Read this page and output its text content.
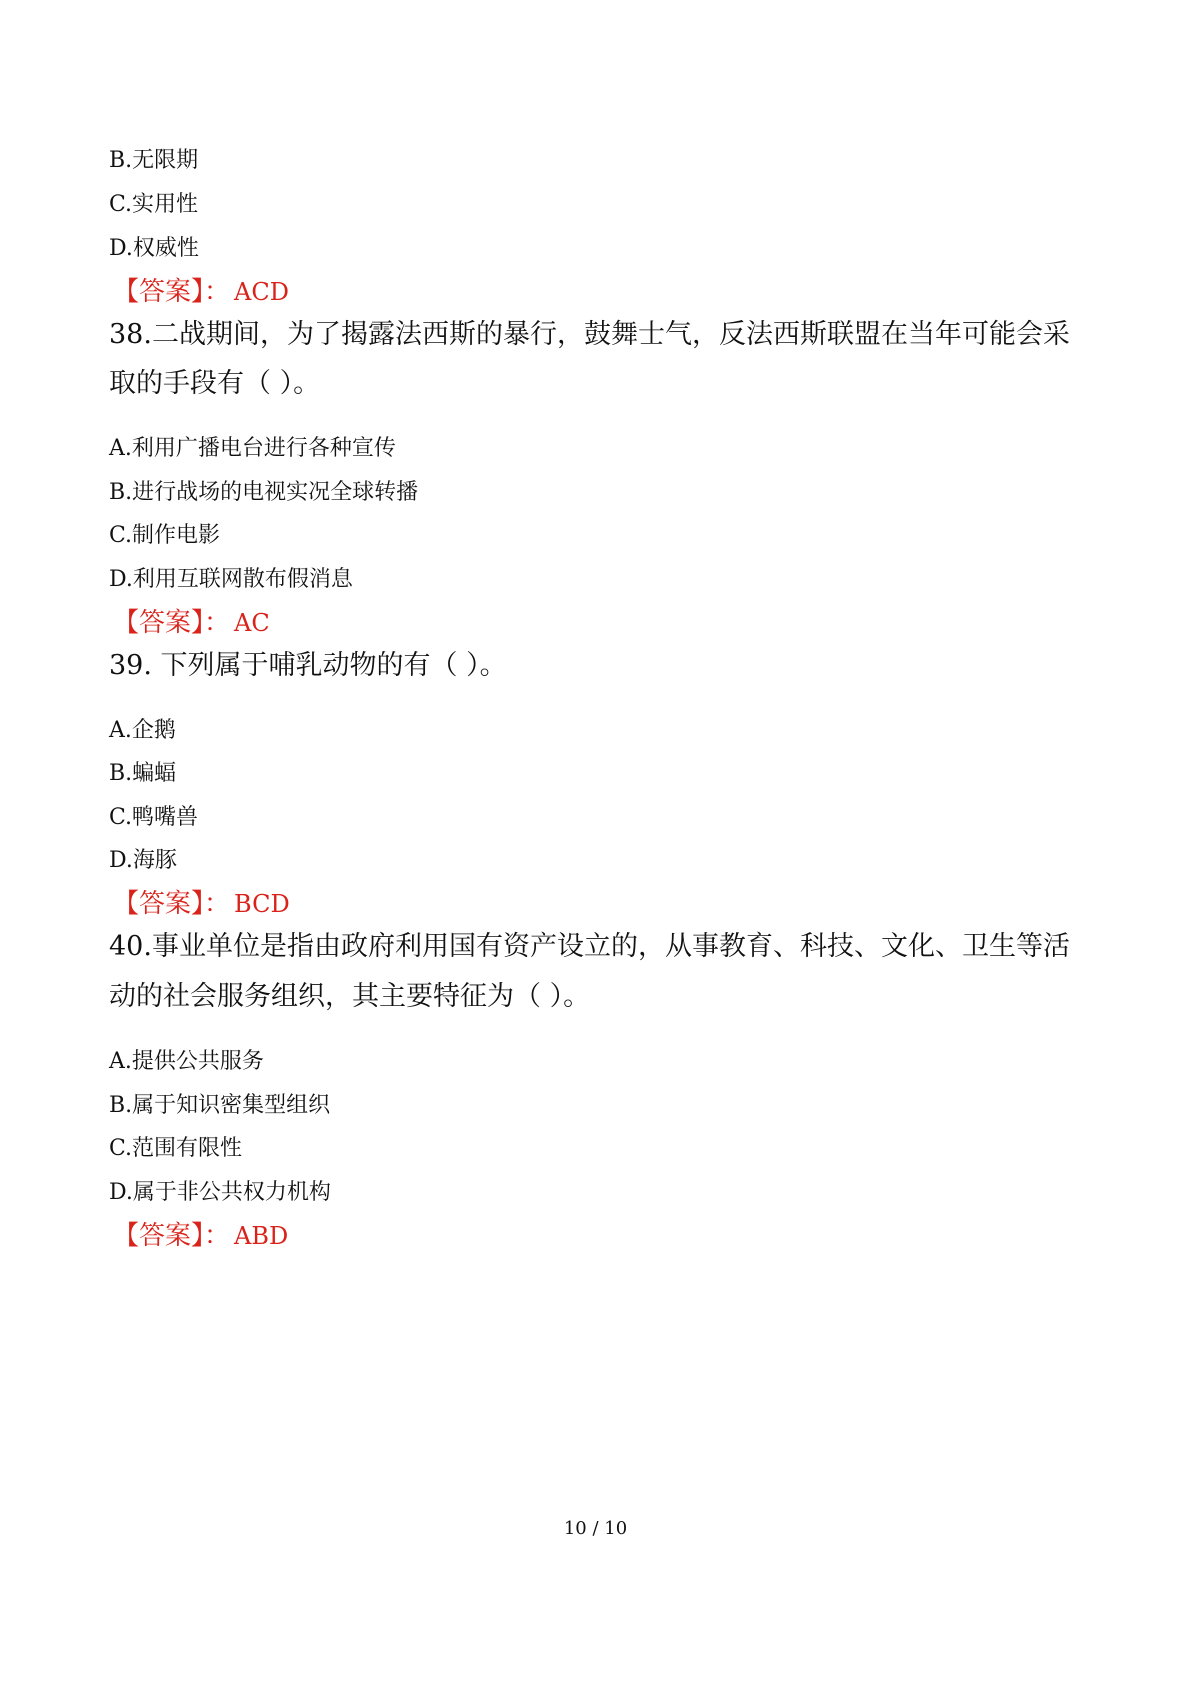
B.无限期
C.实用性
D.权威性
【答案】： ACD
38.二战期间，为了揭露法西斯的暴行，鼓舞士气，反法西斯联盟在当年可能会采
取的手段有（ ）。
A.利用广播电台进行各种宣传
B.进行战场的电视实况全球转播
C.制作电影
D.利用互联网散布假消息
【答案】： AC
39. 下列属于哺乳动物的有（ ）。
A.企鹅
B.蝙蝠
C.鸭嘴兽
D.海豚
【答案】： BCD
40.事业单位是指由政府利用国有资产设立的，从事教育、科技、文化、卫生等活
动的社会服务组织，其主要特征为（ ）。
A.提供公共服务
B.属于知识密集型组织
C.范围有限性
D.属于非公共权力机构
【答案】： ABD
10 / 10
